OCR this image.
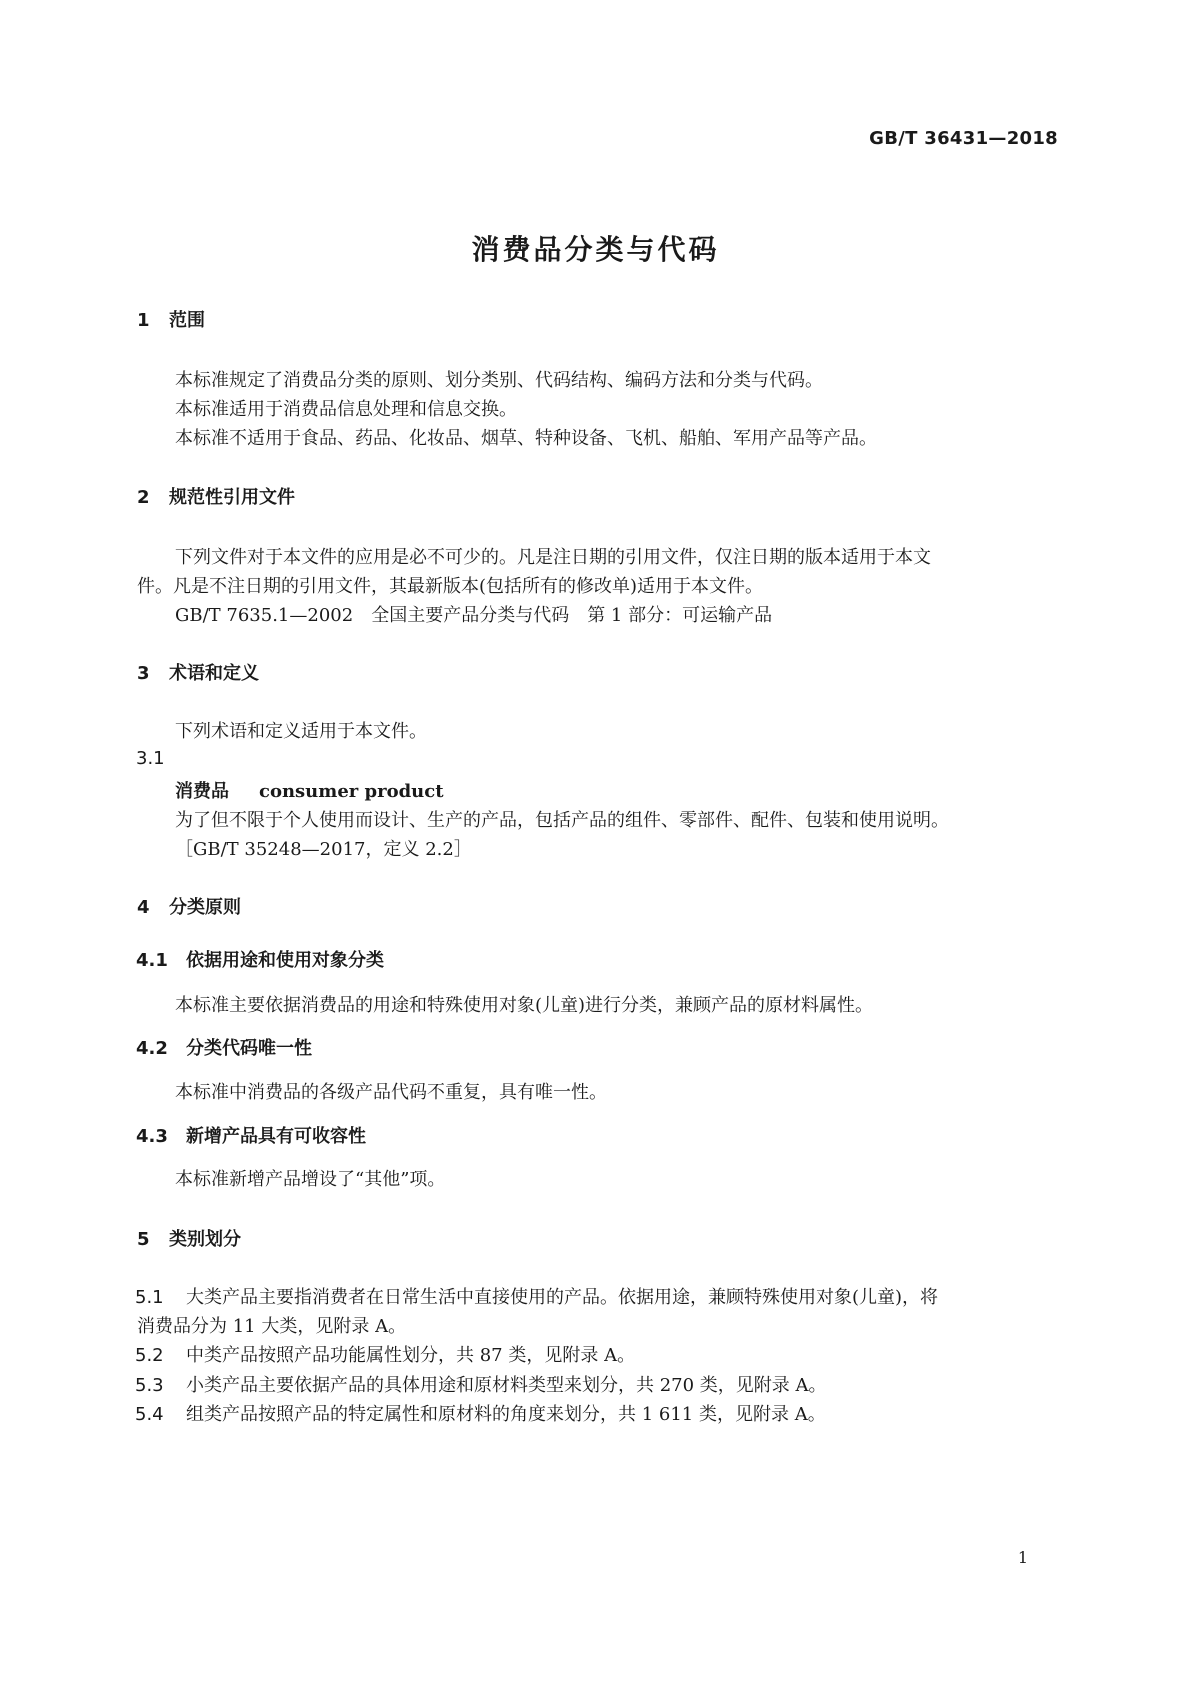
GB/T 36431—2018
消费品分类与代码
1 范围
本标准规定了消费品分类的原则、划分类别、代码结构、编码方法和分类与代码。
本标准适用于消费品信息处理和信息交换。
本标准不适用于食品、药品、化妆品、烟草、特种设备、飞机、船舶、军用产品等产品。
2 规范性引用文件
下列文件对于本文件的应用是必不可少的。凡是注日期的引用文件，仅注日期的版本适用于本文
件。凡是不注日期的引用文件，其最新版本(包括所有的修改单)适用于本文件。
GB/T 7635.1—2002　全国主要产品分类与代码　第 1 部分：可运输产品
3 术语和定义
下列术语和定义适用于本文件。
3.1
消费品 consumer product
为了但不限于个人使用而设计、生产的产品，包括产品的组件、零部件、配件、包装和使用说明。
［GB/T 35248—2017，定义 2.2］
4 分类原则
4.1 依据用途和使用对象分类
本标准主要依据消费品的用途和特殊使用对象(儿童)进行分类，兼顾产品的原材料属性。
4.2 分类代码唯一性
本标准中消费品的各级产品代码不重复，具有唯一性。
4.3 新增产品具有可收容性
本标准新增产品增设了“其他”项。
5 类别划分
5.1 大类产品主要指消费者在日常生活中直接使用的产品。依据用途，兼顾特殊使用对象(儿童)，将
消费品分为 11 大类，见附录 A。
5.2 中类产品按照产品功能属性划分，共 87 类，见附录 A。
5.3 小类产品主要依据产品的具体用途和原材料类型来划分，共 270 类，见附录 A。
5.4 组类产品按照产品的特定属性和原材料的角度来划分，共 1 611 类，见附录 A。
1
